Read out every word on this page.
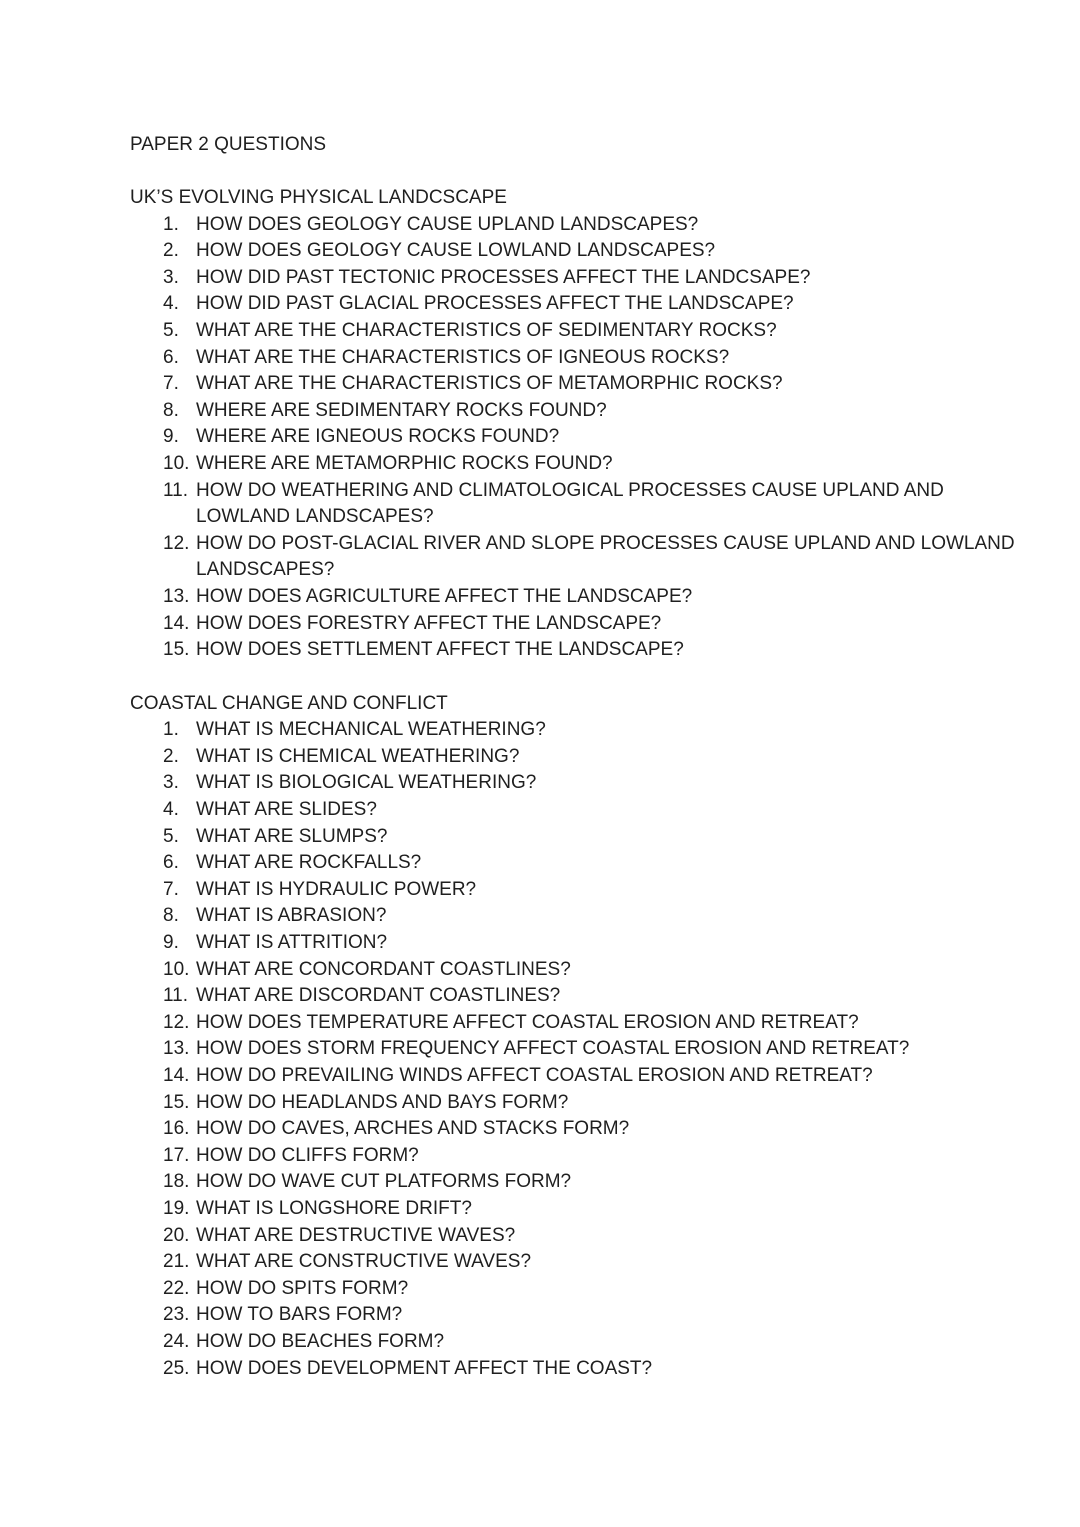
PAPER 2 QUESTIONS
UK’S EVOLVING PHYSICAL LANDCSCAPE
1. HOW DOES GEOLOGY CAUSE UPLAND LANDSCAPES?
2. HOW DOES GEOLOGY CAUSE LOWLAND LANDSCAPES?
3. HOW DID PAST TECTONIC PROCESSES AFFECT THE LANDCSAPE?
4. HOW DID PAST GLACIAL PROCESSES AFFECT THE LANDSCAPE?
5. WHAT ARE THE CHARACTERISTICS OF SEDIMENTARY ROCKS?
6. WHAT ARE THE CHARACTERISTICS OF IGNEOUS ROCKS?
7. WHAT ARE THE CHARACTERISTICS OF METAMORPHIC ROCKS?
8. WHERE ARE SEDIMENTARY ROCKS FOUND?
9. WHERE ARE IGNEOUS ROCKS FOUND?
10. WHERE ARE METAMORPHIC ROCKS FOUND?
11. HOW DO WEATHERING AND CLIMATOLOGICAL PROCESSES CAUSE UPLAND AND LOWLAND LANDSCAPES?
12. HOW DO POST-GLACIAL RIVER AND SLOPE PROCESSES CAUSE UPLAND AND LOWLAND LANDSCAPES?
13. HOW DOES AGRICULTURE AFFECT THE LANDSCAPE?
14. HOW DOES FORESTRY AFFECT THE LANDSCAPE?
15. HOW DOES SETTLEMENT AFFECT THE LANDSCAPE?
COASTAL CHANGE AND CONFLICT
1. WHAT IS MECHANICAL WEATHERING?
2. WHAT IS CHEMICAL WEATHERING?
3. WHAT IS BIOLOGICAL WEATHERING?
4. WHAT ARE SLIDES?
5. WHAT ARE SLUMPS?
6. WHAT ARE ROCKFALLS?
7. WHAT IS HYDRAULIC POWER?
8. WHAT IS ABRASION?
9. WHAT IS ATTRITION?
10. WHAT ARE CONCORDANT COASTLINES?
11. WHAT ARE DISCORDANT COASTLINES?
12. HOW DOES TEMPERATURE AFFECT COASTAL EROSION AND RETREAT?
13. HOW DOES STORM FREQUENCY AFFECT COASTAL EROSION AND RETREAT?
14. HOW DO PREVAILING WINDS AFFECT COASTAL EROSION AND RETREAT?
15. HOW DO HEADLANDS AND BAYS FORM?
16. HOW DO CAVES, ARCHES AND STACKS FORM?
17. HOW DO CLIFFS FORM?
18. HOW DO WAVE CUT PLATFORMS FORM?
19. WHAT IS LONGSHORE DRIFT?
20. WHAT ARE DESTRUCTIVE WAVES?
21. WHAT ARE CONSTRUCTIVE WAVES?
22. HOW DO SPITS FORM?
23. HOW TO BARS FORM?
24. HOW DO BEACHES FORM?
25. HOW DOES DEVELOPMENT AFFECT THE COAST?
